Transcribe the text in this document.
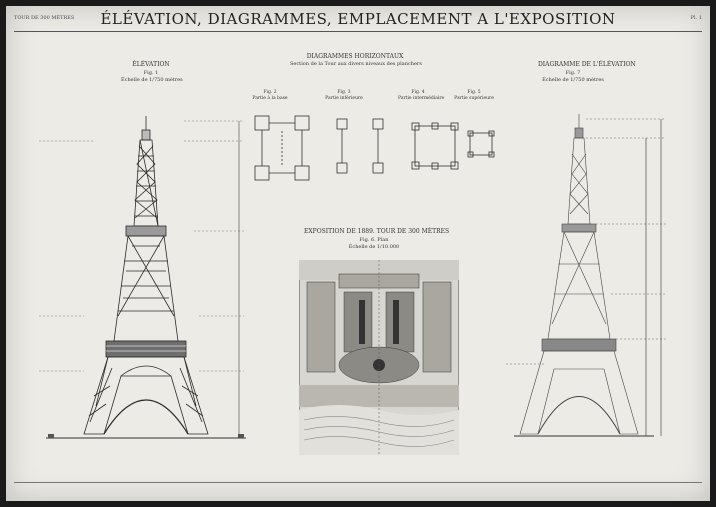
TOUR DE 300 MÈTRES	ÉLÉVATION, DIAGRAMMES, EMPLACEMENT A L'EXPOSITION	Pl. 1
ÉLÉVATION
Fig. 1
Échelle de 1/750 mètres
DIAGRAMMES HORIZONTAUX
Section de la Tour aux divers niveaux des planchers
Fig. 2
Partie à la base
Fig. 3
Partie inférieure
Fig. 4
Partie intermédiaire
Fig. 5
Partie supérieure
EXPOSITION DE 1889. TOUR DE 300 MÈTRES
Fig. 6. Plan
Échelle de 1/10.000
DIAGRAMME DE L'ÉLÉVATION
Fig. 7
Échelle de 1/750 mètres
